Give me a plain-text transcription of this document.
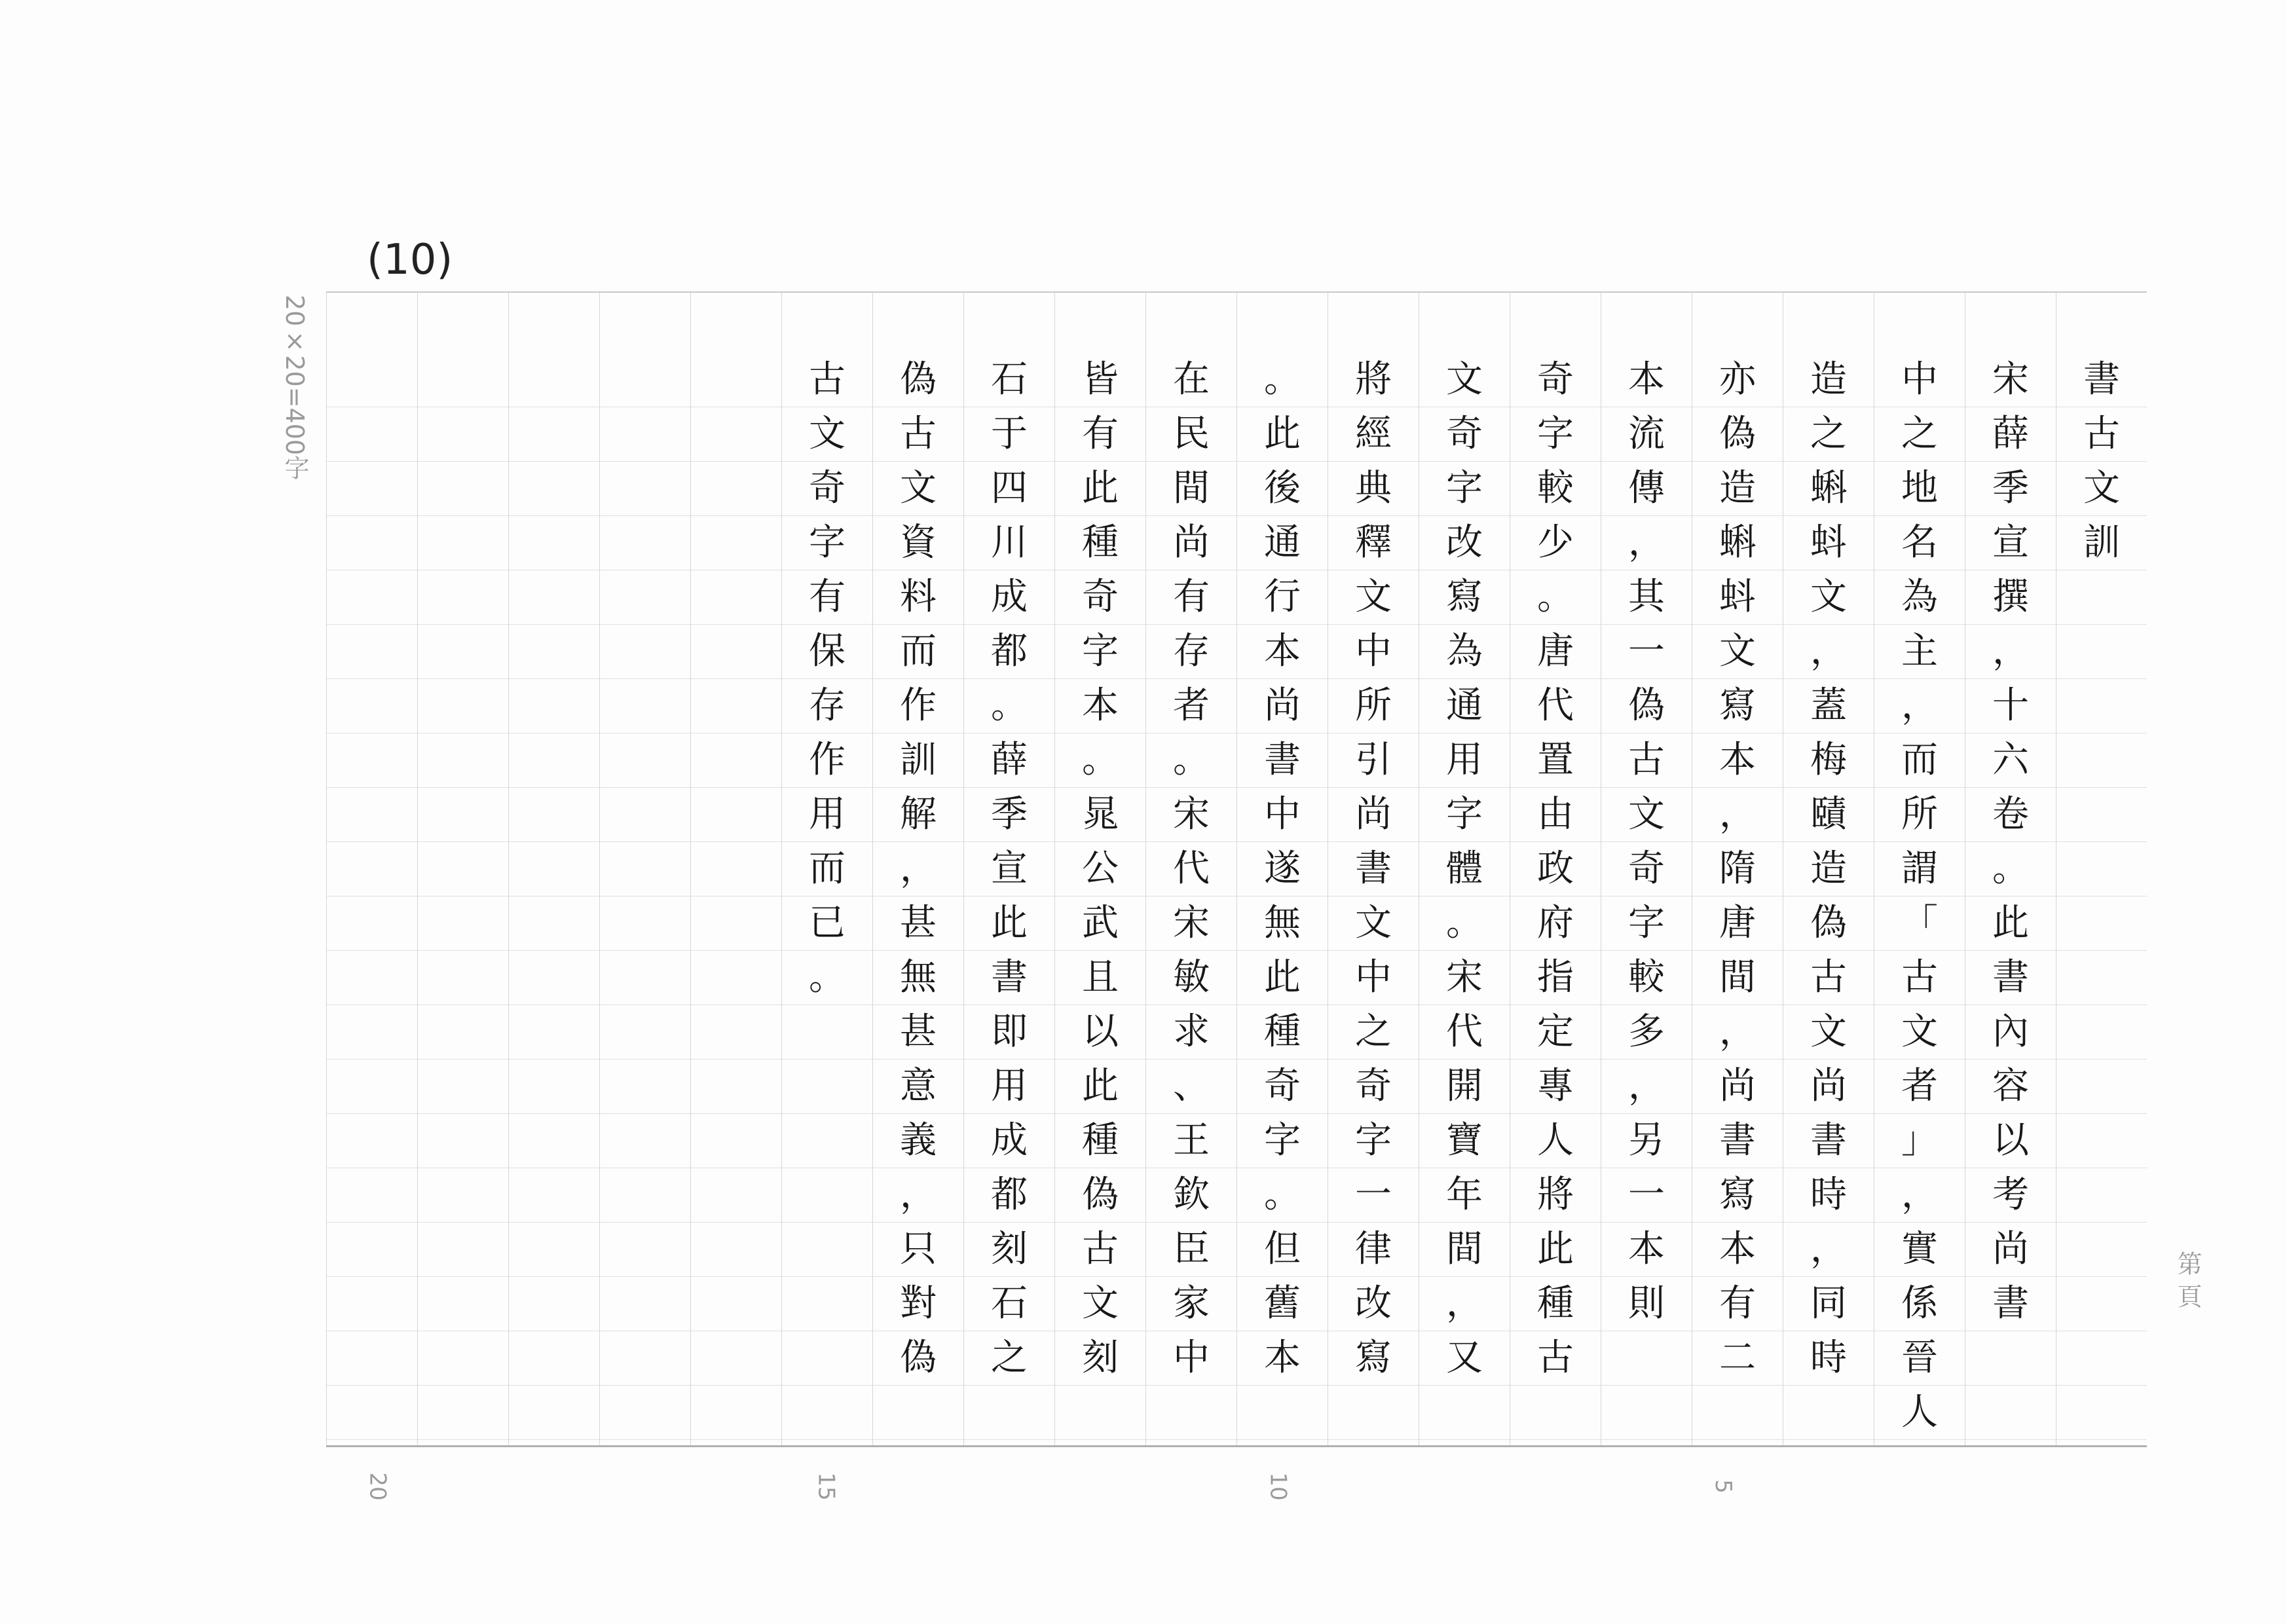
(10)
20×20=400字
第 頁
書
古
文
訓
宋
薛
季
宣
撰
，
十
六
卷
。
此
書
內
容
以
考
尚
書
中
之
地
名
為
主
，
而
所
謂
「
古
文
者
」
，
實
係
晉
人
造
之
蝌
蚪
文
，
蓋
梅
賾
造
偽
古
文
尚
書
時
，
同
時
亦
偽
造
蝌
蚪
文
寫
本
，
隋
唐
間
，
尚
書
寫
本
有
二
本
流
傳
，
其
一
偽
古
文
奇
字
較
多
，
另
一
本
則
奇
字
較
少
。
唐
代
置
由
政
府
指
定
專
人
將
此
種
古
文
奇
字
改
寫
為
通
用
字
體
。
宋
代
開
寶
年
間
，
又
將
經
典
釋
文
中
所
引
尚
書
文
中
之
奇
字
一
律
改
寫
。
此
後
通
行
本
尚
書
中
遂
無
此
種
奇
字
。
但
舊
本
在
民
間
尚
有
存
者
。
宋
代
宋
敏
求
、
王
欽
臣
家
中
皆
有
此
種
奇
字
本
。
晁
公
武
且
以
此
種
偽
古
文
刻
石
于
四
川
成
都
。
薛
季
宣
此
書
即
用
成
都
刻
石
之
偽
古
文
資
料
而
作
訓
解
，
甚
無
甚
意
義
，
只
對
偽
古
文
奇
字
有
保
存
作
用
而
已
。
5
10
15
20
